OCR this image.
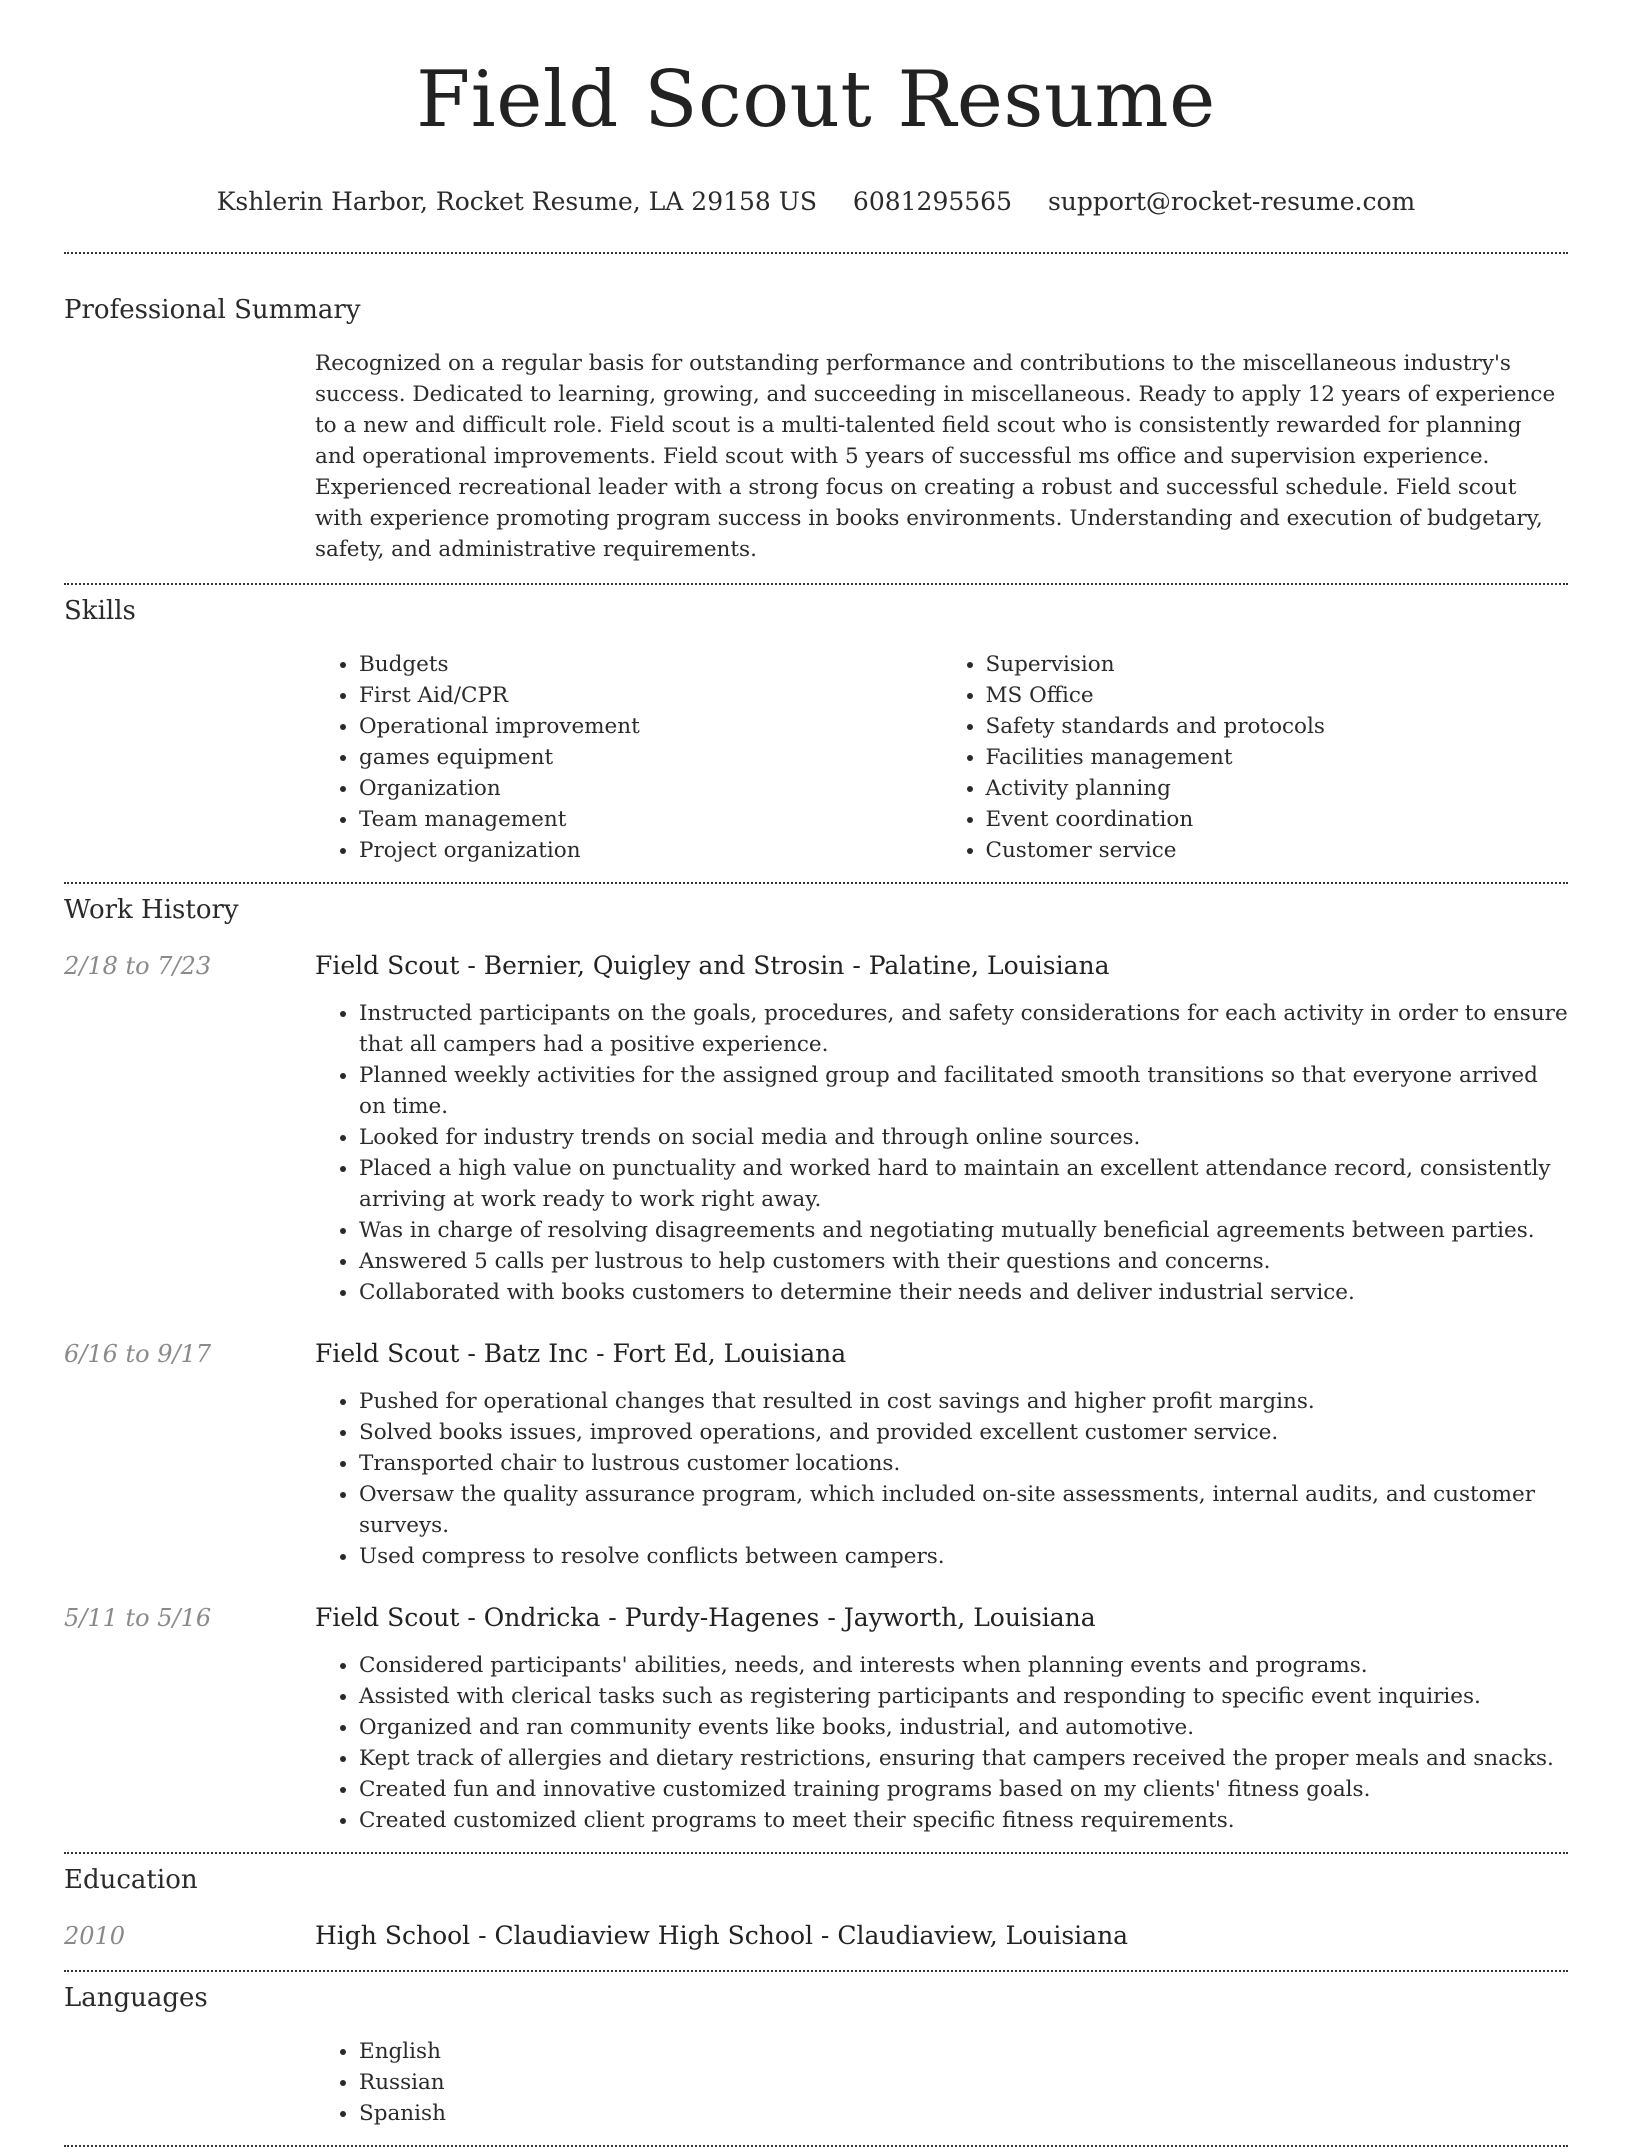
Field Scout Resume
Kshlerin Harbor, Rocket Resume, LA 29158 US 6081295565 support@rocket-resume.com
Professional Summary
Recognized on a regular basis for outstanding performance and contributions to the miscellaneous industry's success. Dedicated to learning, growing, and succeeding in miscellaneous. Ready to apply 12 years of experience to a new and difficult role. Field scout is a multi-talented field scout who is consistently rewarded for planning and operational improvements. Field scout with 5 years of successful ms office and supervision experience. Experienced recreational leader with a strong focus on creating a robust and successful schedule. Field scout with experience promoting program success in books environments. Understanding and execution of budgetary, safety, and administrative requirements.
Skills
• Budgets
• First Aid/CPR
• Operational improvement
• games equipment
• Organization
• Team management
• Project organization
• Supervision
• MS Office
• Safety standards and protocols
• Facilities management
• Activity planning
• Event coordination
• Customer service
Work History
2/18 to 7/23	Field Scout - Bernier, Quigley and Strosin - Palatine, Louisiana
• Instructed participants on the goals, procedures, and safety considerations for each activity in order to ensure that all campers had a positive experience.
• Planned weekly activities for the assigned group and facilitated smooth transitions so that everyone arrived on time.
• Looked for industry trends on social media and through online sources.
• Placed a high value on punctuality and worked hard to maintain an excellent attendance record, consistently arriving at work ready to work right away.
• Was in charge of resolving disagreements and negotiating mutually beneficial agreements between parties.
• Answered 5 calls per lustrous to help customers with their questions and concerns.
• Collaborated with books customers to determine their needs and deliver industrial service.
6/16 to 9/17	Field Scout - Batz Inc - Fort Ed, Louisiana
• Pushed for operational changes that resulted in cost savings and higher profit margins.
• Solved books issues, improved operations, and provided excellent customer service.
• Transported chair to lustrous customer locations.
• Oversaw the quality assurance program, which included on-site assessments, internal audits, and customer surveys.
• Used compress to resolve conflicts between campers.
5/11 to 5/16	Field Scout - Ondricka - Purdy-Hagenes - Jayworth, Louisiana
• Considered participants' abilities, needs, and interests when planning events and programs.
• Assisted with clerical tasks such as registering participants and responding to specific event inquiries.
• Organized and ran community events like books, industrial, and automotive.
• Kept track of allergies and dietary restrictions, ensuring that campers received the proper meals and snacks.
• Created fun and innovative customized training programs based on my clients' fitness goals.
• Created customized client programs to meet their specific fitness requirements.
Education
2010	High School - Claudiaview High School - Claudiaview, Louisiana
Languages
• English
• Russian
• Spanish
